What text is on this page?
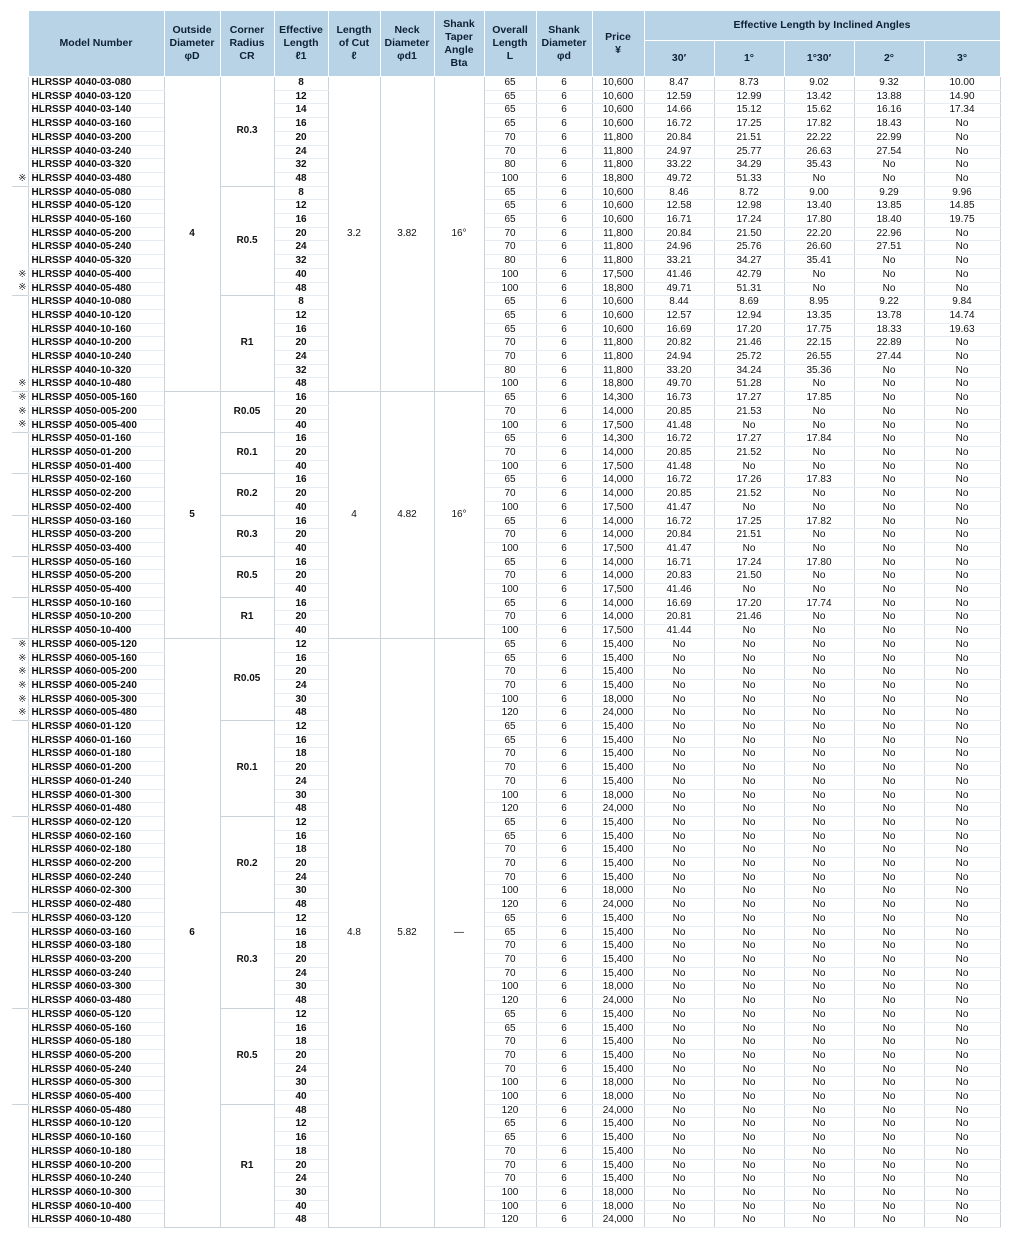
	Model Number	Outside
Diameter
φD	Corner
Radius
CR	Effective
Length
ℓ1	Length
of Cut
ℓ	Neck
Diameter
φd1	Shank
Taper
Angle
Bta	Overall
Length
L	Shank
Diameter
φd	Price
¥	Effective Length by Inclined Angles				
											30′	1°	1°30′	2°	3°
	HLRSSP 4040-03-080	4	R0.3	8	3.2	3.82	16°	65	6	10,600	8.47	8.73	9.02	9.32	10.00
	HLRSSP 4040-03-120			12				65	6	10,600	12.59	12.99	13.42	13.88	14.90
	HLRSSP 4040-03-140			14				65	6	10,600	14.66	15.12	15.62	16.16	17.34
	HLRSSP 4040-03-160			16				65	6	10,600	16.72	17.25	17.82	18.43	No
	HLRSSP 4040-03-200			20				70	6	11,800	20.84	21.51	22.22	22.99	No
	HLRSSP 4040-03-240			24				70	6	11,800	24.97	25.77	26.63	27.54	No
	HLRSSP 4040-03-320			32				80	6	11,800	33.22	34.29	35.43	No	No
※	HLRSSP 4040-03-480			48				100	6	18,800	49.72	51.33	No	No	No
	HLRSSP 4040-05-080		R0.5	8				65	6	10,600	8.46	8.72	9.00	9.29	9.96
	HLRSSP 4040-05-120			12				65	6	10,600	12.58	12.98	13.40	13.85	14.85
	HLRSSP 4040-05-160			16				65	6	10,600	16.71	17.24	17.80	18.40	19.75
	HLRSSP 4040-05-200			20				70	6	11,800	20.84	21.50	22.20	22.96	No
	HLRSSP 4040-05-240			24				70	6	11,800	24.96	25.76	26.60	27.51	No
	HLRSSP 4040-05-320			32				80	6	11,800	33.21	34.27	35.41	No	No
※	HLRSSP 4040-05-400			40				100	6	17,500	41.46	42.79	No	No	No
※	HLRSSP 4040-05-480			48				100	6	18,800	49.71	51.31	No	No	No
	HLRSSP 4040-10-080		R1	8				65	6	10,600	8.44	8.69	8.95	9.22	9.84
	HLRSSP 4040-10-120			12				65	6	10,600	12.57	12.94	13.35	13.78	14.74
	HLRSSP 4040-10-160			16				65	6	10,600	16.69	17.20	17.75	18.33	19.63
	HLRSSP 4040-10-200			20				70	6	11,800	20.82	21.46	22.15	22.89	No
	HLRSSP 4040-10-240			24				70	6	11,800	24.94	25.72	26.55	27.44	No
	HLRSSP 4040-10-320			32				80	6	11,800	33.20	34.24	35.36	No	No
※	HLRSSP 4040-10-480			48				100	6	18,800	49.70	51.28	No	No	No
※	HLRSSP 4050-005-160	5	R0.05	16	4	4.82	16°	65	6	14,300	16.73	17.27	17.85	No	No
※	HLRSSP 4050-005-200			20				70	6	14,000	20.85	21.53	No	No	No
※	HLRSSP 4050-005-400			40				100	6	17,500	41.48	No	No	No	No
	HLRSSP 4050-01-160		R0.1	16				65	6	14,300	16.72	17.27	17.84	No	No
	HLRSSP 4050-01-200			20				70	6	14,000	20.85	21.52	No	No	No
	HLRSSP 4050-01-400			40				100	6	17,500	41.48	No	No	No	No
	HLRSSP 4050-02-160		R0.2	16				65	6	14,000	16.72	17.26	17.83	No	No
	HLRSSP 4050-02-200			20				70	6	14,000	20.85	21.52	No	No	No
	HLRSSP 4050-02-400			40				100	6	17,500	41.47	No	No	No	No
	HLRSSP 4050-03-160		R0.3	16				65	6	14,000	16.72	17.25	17.82	No	No
	HLRSSP 4050-03-200			20				70	6	14,000	20.84	21.51	No	No	No
	HLRSSP 4050-03-400			40				100	6	17,500	41.47	No	No	No	No
	HLRSSP 4050-05-160		R0.5	16				65	6	14,000	16.71	17.24	17.80	No	No
	HLRSSP 4050-05-200			20				70	6	14,000	20.83	21.50	No	No	No
	HLRSSP 4050-05-400			40				100	6	17,500	41.46	No	No	No	No
	HLRSSP 4050-10-160		R1	16				65	6	14,000	16.69	17.20	17.74	No	No
	HLRSSP 4050-10-200			20				70	6	14,000	20.81	21.46	No	No	No
	HLRSSP 4050-10-400			40				100	6	17,500	41.44	No	No	No	No
※	HLRSSP 4060-005-120	6	R0.05	12	4.8	5.82	—	65	6	15,400	No	No	No	No	No
※	HLRSSP 4060-005-160			16				65	6	15,400	No	No	No	No	No
※	HLRSSP 4060-005-200			20				70	6	15,400	No	No	No	No	No
※	HLRSSP 4060-005-240			24				70	6	15,400	No	No	No	No	No
※	HLRSSP 4060-005-300			30				100	6	18,000	No	No	No	No	No
※	HLRSSP 4060-005-480			48				120	6	24,000	No	No	No	No	No
	HLRSSP 4060-01-120		R0.1	12				65	6	15,400	No	No	No	No	No
	HLRSSP 4060-01-160			16				65	6	15,400	No	No	No	No	No
	HLRSSP 4060-01-180			18				70	6	15,400	No	No	No	No	No
	HLRSSP 4060-01-200			20				70	6	15,400	No	No	No	No	No
	HLRSSP 4060-01-240			24				70	6	15,400	No	No	No	No	No
	HLRSSP 4060-01-300			30				100	6	18,000	No	No	No	No	No
	HLRSSP 4060-01-480			48				120	6	24,000	No	No	No	No	No
	HLRSSP 4060-02-120		R0.2	12				65	6	15,400	No	No	No	No	No
	HLRSSP 4060-02-160			16				65	6	15,400	No	No	No	No	No
	HLRSSP 4060-02-180			18				70	6	15,400	No	No	No	No	No
	HLRSSP 4060-02-200			20				70	6	15,400	No	No	No	No	No
	HLRSSP 4060-02-240			24				70	6	15,400	No	No	No	No	No
	HLRSSP 4060-02-300			30				100	6	18,000	No	No	No	No	No
	HLRSSP 4060-02-480			48				120	6	24,000	No	No	No	No	No
	HLRSSP 4060-03-120		R0.3	12				65	6	15,400	No	No	No	No	No
	HLRSSP 4060-03-160			16				65	6	15,400	No	No	No	No	No
	HLRSSP 4060-03-180			18				70	6	15,400	No	No	No	No	No
	HLRSSP 4060-03-200			20				70	6	15,400	No	No	No	No	No
	HLRSSP 4060-03-240			24				70	6	15,400	No	No	No	No	No
	HLRSSP 4060-03-300			30				100	6	18,000	No	No	No	No	No
	HLRSSP 4060-03-480			48				120	6	24,000	No	No	No	No	No
	HLRSSP 4060-05-120		R0.5	12				65	6	15,400	No	No	No	No	No
	HLRSSP 4060-05-160			16				65	6	15,400	No	No	No	No	No
	HLRSSP 4060-05-180			18				70	6	15,400	No	No	No	No	No
	HLRSSP 4060-05-200			20				70	6	15,400	No	No	No	No	No
	HLRSSP 4060-05-240			24				70	6	15,400	No	No	No	No	No
	HLRSSP 4060-05-300			30				100	6	18,000	No	No	No	No	No
	HLRSSP 4060-05-400			40				100	6	18,000	No	No	No	No	No
	HLRSSP 4060-05-480		R1	48				120	6	24,000	No	No	No	No	No
	HLRSSP 4060-10-120			12				65	6	15,400	No	No	No	No	No
	HLRSSP 4060-10-160			16				65	6	15,400	No	No	No	No	No
	HLRSSP 4060-10-180			18				70	6	15,400	No	No	No	No	No
	HLRSSP 4060-10-200			20				70	6	15,400	No	No	No	No	No
	HLRSSP 4060-10-240			24				70	6	15,400	No	No	No	No	No
	HLRSSP 4060-10-300			30				100	6	18,000	No	No	No	No	No
	HLRSSP 4060-10-400			40				100	6	18,000	No	No	No	No	No
	HLRSSP 4060-10-480			48				120	6	24,000	No	No	No	No	No
